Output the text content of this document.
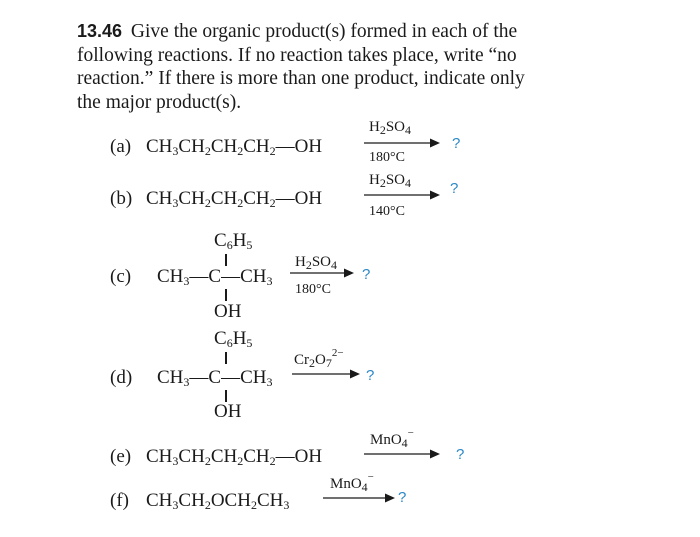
13.46 Give the organic product(s) formed in each of the following reactions. If no reaction takes place, write “no reaction.” If there is more than one product, indicate only the major product(s).
(a) $CH_3CH_2CH_2CH_2—OH$
$H_2SO_4$
180°C
?
(b) $CH_3CH_2CH_2CH_2—OH$
$H_2SO_4$
140°C
?
$C_6H_5$
(c) $CH_3—C—CH_3$
OH
$H_2SO_4$
180°C
?
$C_6H_5$
(d) $CH_3—C—CH_3$
OH
$Cr_2O_7^{2-}$
?
(e) $CH_3CH_2CH_2CH_2—OH$
MnO$_4$−
?
(f) $CH_3CH_2OCH_2CH_3$
MnO$_4$−
?
